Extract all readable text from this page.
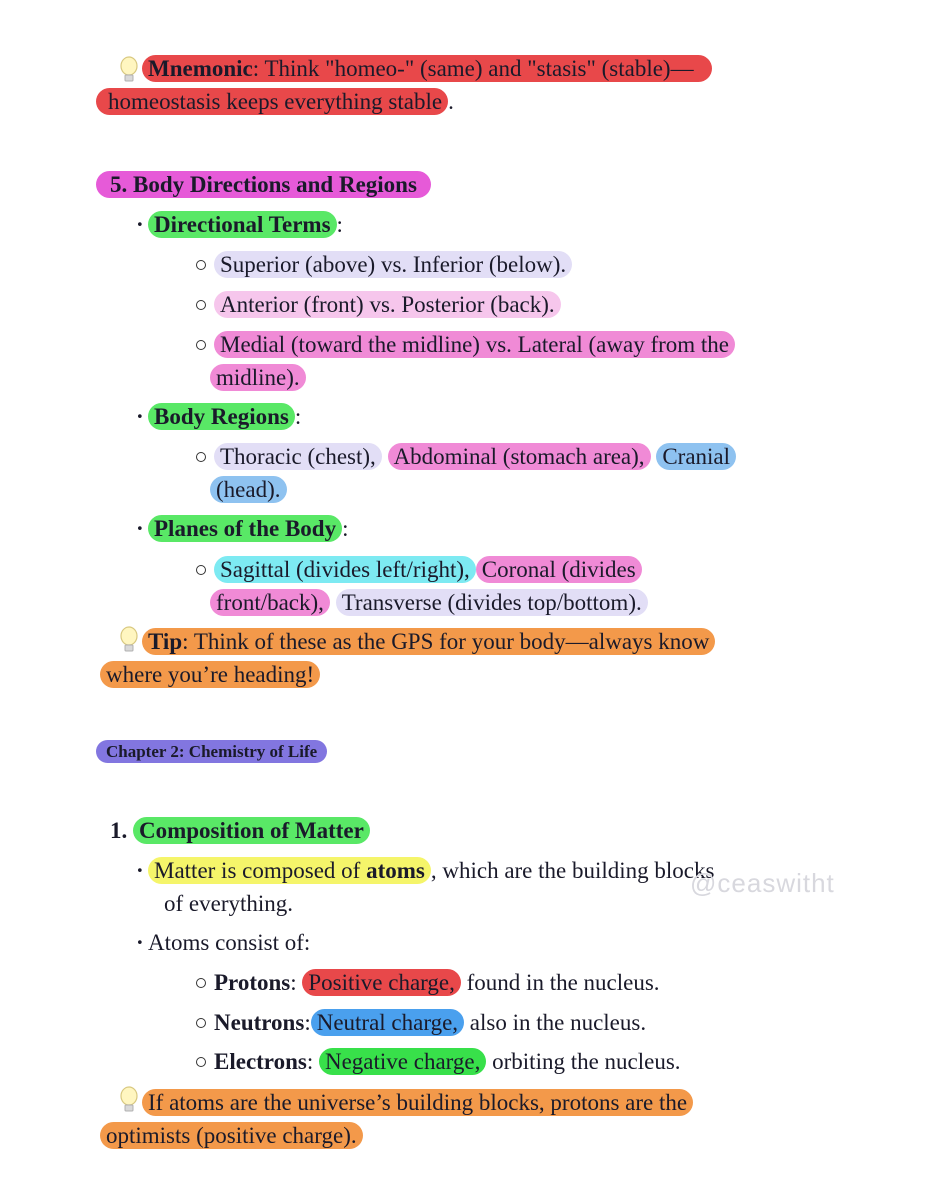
Mnemonic: Think "homeo-" (same) and "stasis" (stable)—
homeostasis keeps everything stable .
5. Body Directions and Regions
· Directional Terms :
Superior (above) vs. Inferior (below).
Anterior (front) vs. Posterior (back).
Medial (toward the midline) vs. Lateral (away from the
midline).
· Body Regions :
Thoracic (chest), Abdominal (stomach area), Cranial
(head).
· Planes of the Body :
Sagittal (divides left/right), Coronal (divides
front/back), Transverse (divides top/bottom).
Tip: Think of these as the GPS for your body—always know
where you’re heading!
Chapter 2: Chemistry of Life
1. Composition of Matter
· Matter is composed of atoms , which are the building blocks
of everything.
@ceaswitht
· Atoms consist of:
Protons: Positive charge, found in the nucleus.
Neutrons: Neutral charge, also in the nucleus.
Electrons: Negative charge, orbiting the nucleus.
If atoms are the universe’s building blocks, protons are the
optimists (positive charge).
